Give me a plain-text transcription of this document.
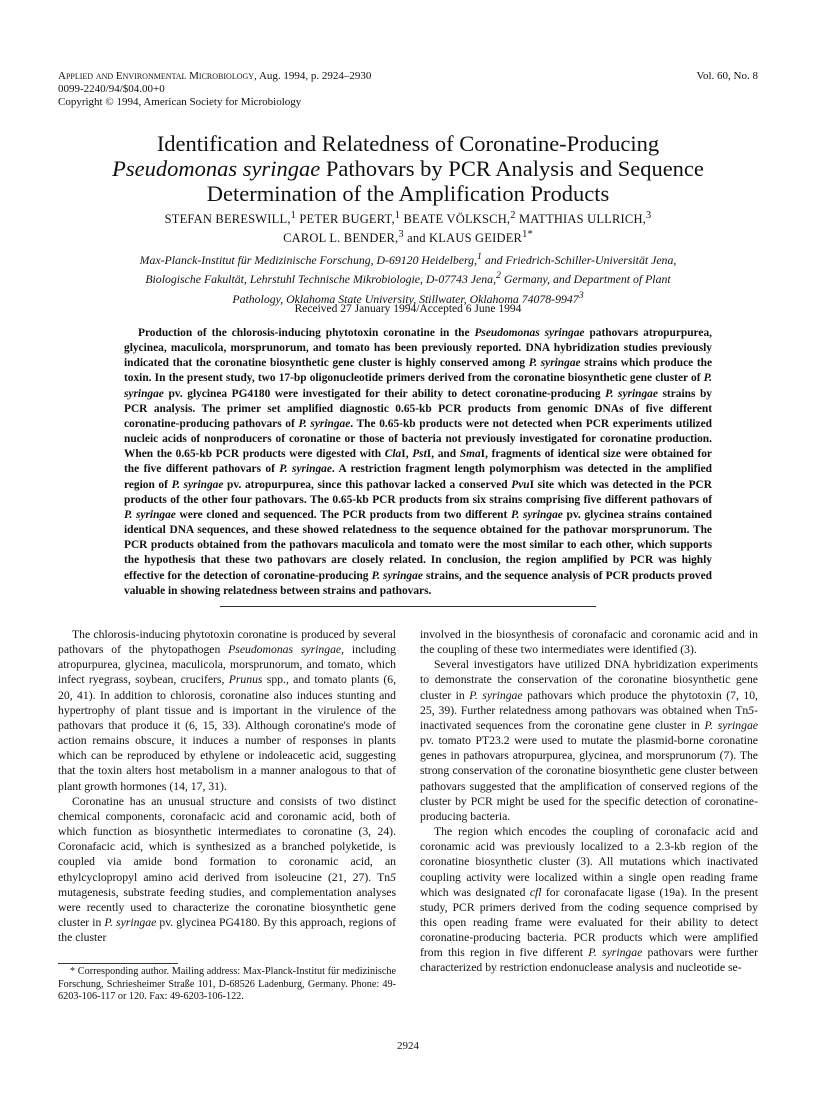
Applied and Environmental Microbiology, Aug. 1994, p. 2924–2930
0099-2240/94/$04.00+0
Copyright © 1994, American Society for Microbiology
Vol. 60, No. 8
Identification and Relatedness of Coronatine-Producing
Pseudomonas syringae Pathovars by PCR Analysis and Sequence
Determination of the Amplification Products
STEFAN BERESWILL,$^1$ PETER BUGERT,$^1$ BEATE VÖLKSCH,$^2$ MATTHIAS ULLRICH,$^3$
CAROL L. BENDER,$^3$ and KLAUS $GEIDER^{1*}$
Max-Planck-Institut für Medizinische Forschung, D-69120 Heidelberg,$^1$ and Friedrich-Schiller-Universität Jena,
Biologische Fakultät, Lehrstuhl Technische Mikrobiologie, D-07743 Jena,$^2$ Germany, and Department of Plant
Pathology, Oklahoma State University, Stillwater, Oklahoma 74078-9947$^3$
Received 27 January 1994/Accepted 6 June 1994
Production of the chlorosis-inducing phytotoxin coronatine in the Pseudomonas syringae pathovars atropurpurea, glycinea, maculicola, morsprunorum, and tomato has been previously reported. DNA hybridization studies previously indicated that the coronatine biosynthetic gene cluster is highly conserved among P. syringae strains which produce the toxin. In the present study, two 17-bp oligonucleotide primers derived from the coronatine biosynthetic gene cluster of P. syringae pv. glycinea PG4180 were investigated for their ability to detect coronatine-producing P. syringae strains by PCR analysis. The primer set amplified diagnostic 0.65-kb PCR products from genomic DNAs of five different coronatine-producing pathovars of P. syringae. The 0.65-kb products were not detected when PCR experiments utilized nucleic acids of nonproducers of coronatine or those of bacteria not previously investigated for coronatine production. When the 0.65-kb PCR products were digested with ClaI, PstI, and SmaI, fragments of identical size were obtained for the five different pathovars of P. syringae. A restriction fragment length polymorphism was detected in the amplified region of P. syringae pv. atropurpurea, since this pathovar lacked a conserved PvuI site which was detected in the PCR products of the other four pathovars. The 0.65-kb PCR products from six strains comprising five different pathovars of P. syringae were cloned and sequenced. The PCR products from two different P. syringae pv. glycinea strains contained identical DNA sequences, and these showed relatedness to the sequence obtained for the pathovar morsprunorum. The PCR products obtained from the pathovars maculicola and tomato were the most similar to each other, which supports the hypothesis that these two pathovars are closely related. In conclusion, the region amplified by PCR was highly effective for the detection of coronatine-producing P. syringae strains, and the sequence analysis of PCR products proved valuable in showing relatedness between strains and pathovars.

The chlorosis-inducing phytotoxin coronatine is produced by several pathovars of the phytopathogen Pseudomonas syringae, including atropurpurea, glycinea, maculicola, morsprunorum, and tomato, which infect ryegrass, soybean, crucifers, Prunus spp., and tomato plants (6, 20, 41). In addition to chlorosis, coronatine also induces stunting and hypertrophy of plant tissue and is important in the virulence of the pathovars that produce it (6, 15, 33). Although coronatine's mode of action remains obscure, it induces a number of responses in plants which can be reproduced by ethylene or indoleacetic acid, suggesting that the toxin alters host metabolism in a manner analogous to that of plant growth hormones (14, 17, 31).

Coronatine has an unusual structure and consists of two distinct chemical components, coronafacic acid and coronamic acid, both of which function as biosynthetic intermediates to coronatine (3, 24). Coronafacic acid, which is synthesized as a branched polyketide, is coupled via amide bond formation to coronamic acid, an ethylcyclopropyl amino acid derived from isoleucine (21, 27). Tn5 mutagenesis, substrate feeding studies, and complementation analyses were recently used to characterize the coronatine biosynthetic gene cluster in P. syringae pv. glycinea PG4180. By this approach, regions of the cluster

* Corresponding author. Mailing address: Max-Planck-Institut für medizinische Forschung, Schriesheimer Straße 101, D-68526 Ladenburg, Germany. Phone: 49-6203-106-117 or 120. Fax: 49-6203-106-122.

involved in the biosynthesis of coronafacic and coronamic acid and in the coupling of these two intermediates were identified (3).

Several investigators have utilized DNA hybridization experiments to demonstrate the conservation of the coronatine biosynthetic gene cluster in P. syringae pathovars which produce the phytotoxin (7, 10, 25, 39). Further relatedness among pathovars was obtained when Tn5-inactivated sequences from the coronatine gene cluster in P. syringae pv. tomato PT23.2 were used to mutate the plasmid-borne coronatine genes in pathovars atropurpurea, glycinea, and morsprunorum (7). The strong conservation of the coronatine biosynthetic gene cluster between pathovars suggested that the amplification of conserved regions of the cluster by PCR might be used for the specific detection of coronatine-producing bacteria.

The region which encodes the coupling of coronafacic acid and coronamic acid was previously localized to a 2.3-kb region of the coronatine biosynthetic cluster (3). All mutations which inactivated coupling activity were localized within a single open reading frame which was designated cfl for coronafacate ligase (19a). In the present study, PCR primers derived from the coding sequence comprised by this open reading frame were evaluated for their ability to detect coronatine-producing bacteria. PCR products which were amplified from this region in five different P. syringae pathovars were further characterized by restriction endonuclease analysis and nucleotide se-

2924
